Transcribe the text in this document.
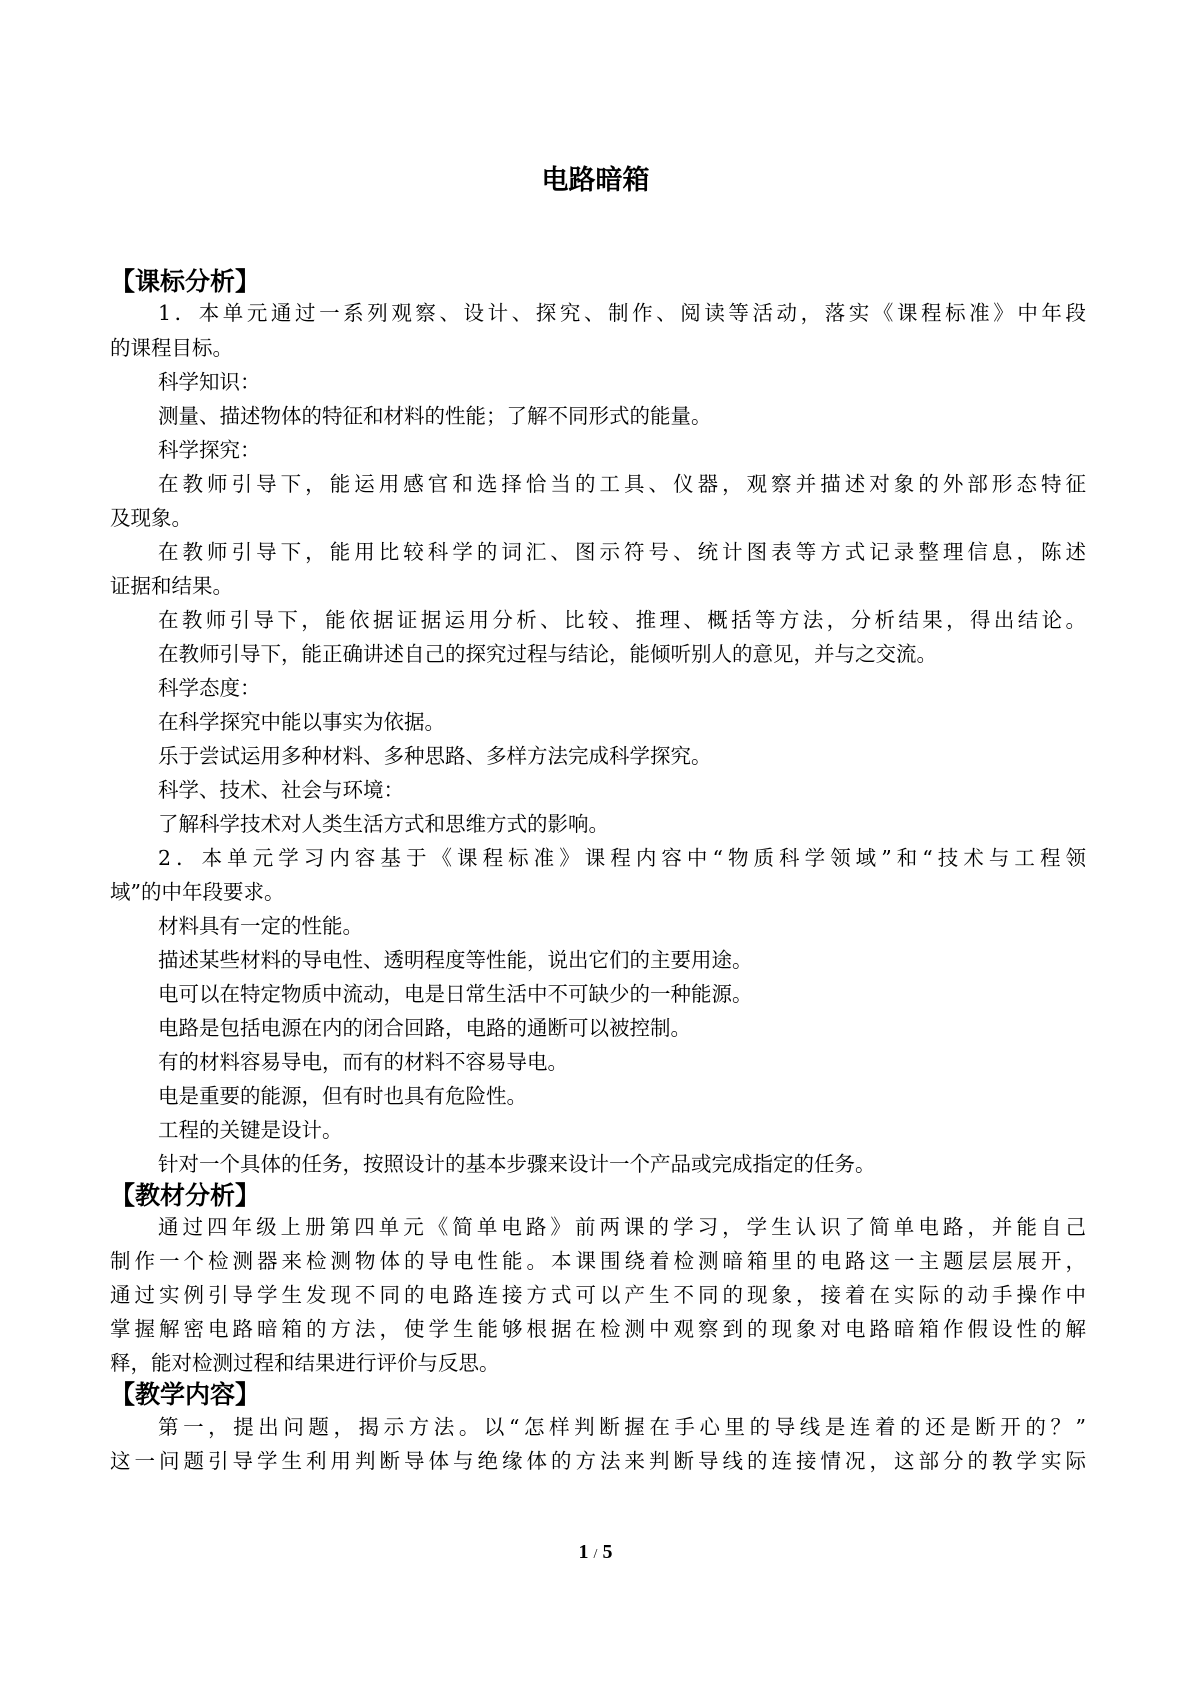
电路暗箱
【课标分析】
1．本单元通过一系列观察、设计、探究、制作、阅读等活动，落实《课程标准》中年段
的课程目标。
科学知识：
测量、描述物体的特征和材料的性能；了解不同形式的能量。
科学探究：
在教师引导下，能运用感官和选择恰当的工具、仪器，观察并描述对象的外部形态特征
及现象。
在教师引导下，能用比较科学的词汇、图示符号、统计图表等方式记录整理信息，陈述
证据和结果。
在教师引导下，能依据证据运用分析、比较、推理、概括等方法，分析结果，得出结论。
在教师引导下，能正确讲述自己的探究过程与结论，能倾听别人的意见，并与之交流。
科学态度：
在科学探究中能以事实为依据。
乐于尝试运用多种材料、多种思路、多样方法完成科学探究。
科学、技术、社会与环境：
了解科学技术对人类生活方式和思维方式的影响。
2．本单元学习内容基于《课程标准》课程内容中“物质科学领域”和“技术与工程领
域”的中年段要求。
材料具有一定的性能。
描述某些材料的导电性、透明程度等性能，说出它们的主要用途。
电可以在特定物质中流动，电是日常生活中不可缺少的一种能源。
电路是包括电源在内的闭合回路，电路的通断可以被控制。
有的材料容易导电，而有的材料不容易导电。
电是重要的能源，但有时也具有危险性。
工程的关键是设计。
针对一个具体的任务，按照设计的基本步骤来设计一个产品或完成指定的任务。
【教材分析】
通过四年级上册第四单元《简单电路》前两课的学习，学生认识了简单电路，并能自己
制作一个检测器来检测物体的导电性能。本课围绕着检测暗箱里的电路这一主题层层展开，
通过实例引导学生发现不同的电路连接方式可以产生不同的现象，接着在实际的动手操作中
掌握解密电路暗箱的方法，使学生能够根据在检测中观察到的现象对电路暗箱作假设性的解
释，能对检测过程和结果进行评价与反思。
【教学内容】
第一，提出问题，揭示方法。以“怎样判断握在手心里的导线是连着的还是断开的？”
这一问题引导学生利用判断导体与绝缘体的方法来判断导线的连接情况，这部分的教学实际
1 / 5
